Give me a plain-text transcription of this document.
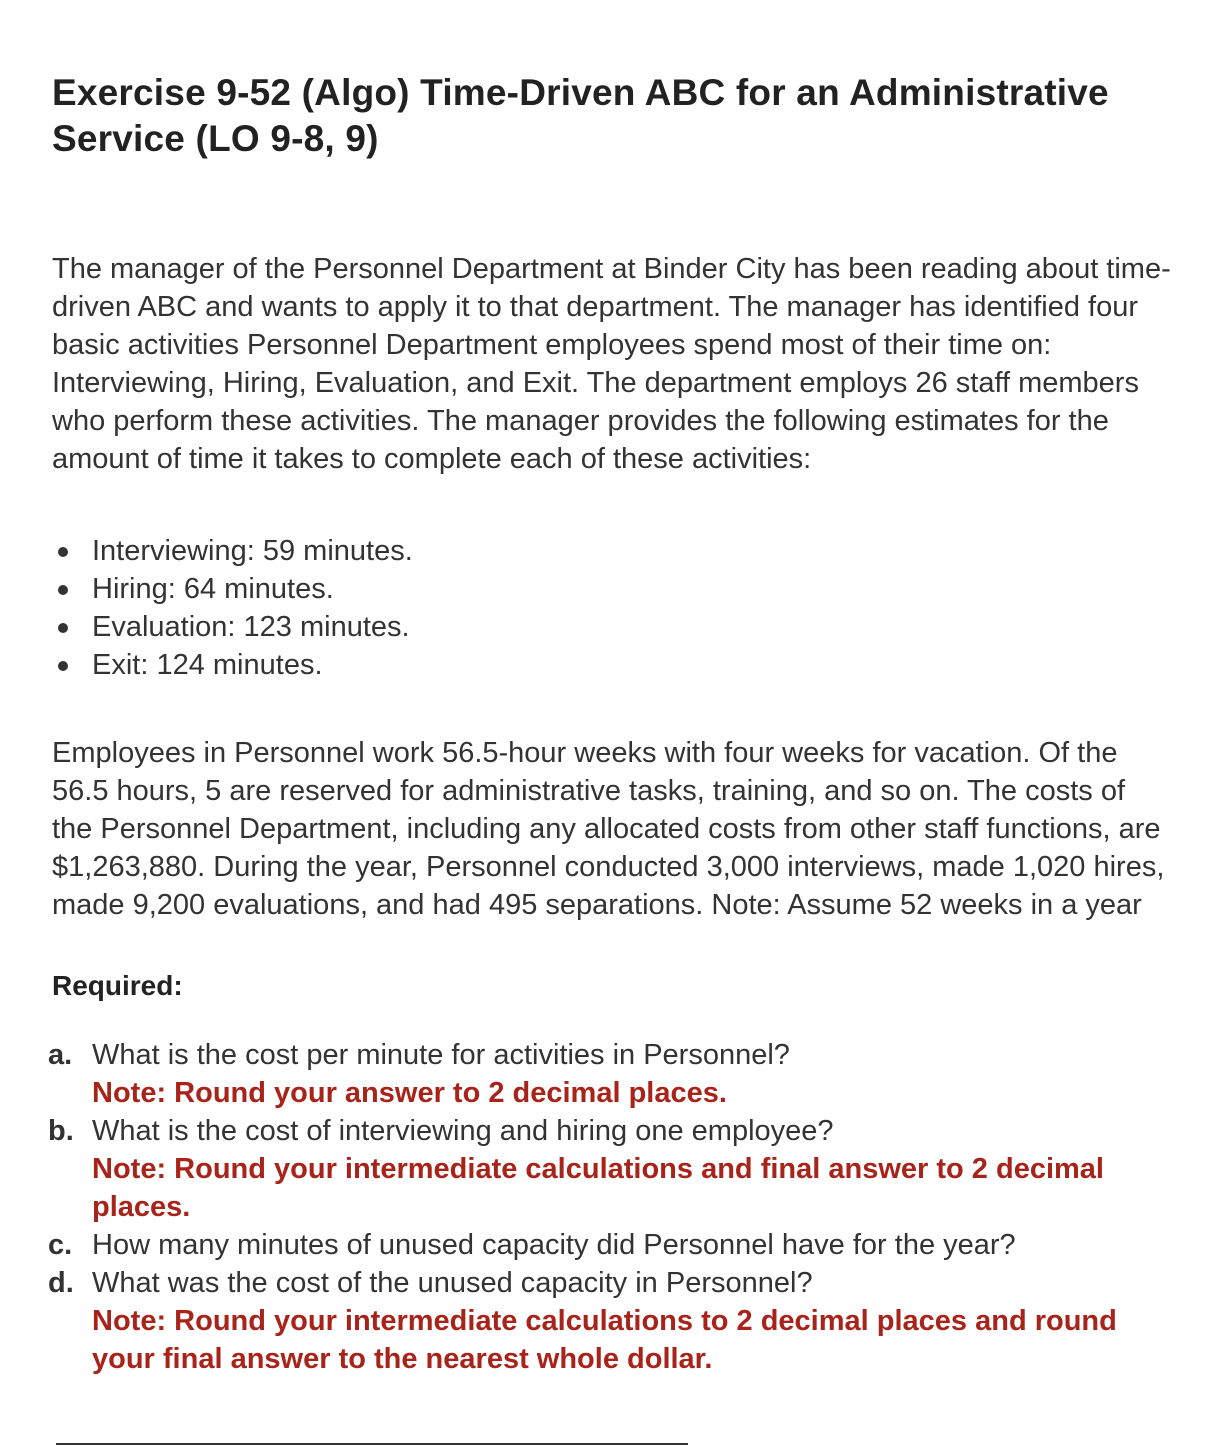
Exercise 9-52 (Algo) Time-Driven ABC for an Administrative Service (LO 9-8, 9)

The manager of the Personnel Department at Binder City has been reading about time-driven ABC and wants to apply it to that department. The manager has identified four basic activities Personnel Department employees spend most of their time on: Interviewing, Hiring, Evaluation, and Exit. The department employs 26 staff members who perform these activities. The manager provides the following estimates for the amount of time it takes to complete each of these activities:

Interviewing: 59 minutes.
Hiring: 64 minutes.
Evaluation: 123 minutes.
Exit: 124 minutes.

Employees in Personnel work 56.5-hour weeks with four weeks for vacation. Of the 56.5 hours, 5 are reserved for administrative tasks, training, and so on. The costs of the Personnel Department, including any allocated costs from other staff functions, are $1,263,880. During the year, Personnel conducted 3,000 interviews, made 1,020 hires, made 9,200 evaluations, and had 495 separations. Note: Assume 52 weeks in a year

Required:
a. What is the cost per minute for activities in Personnel?
Note: Round your answer to 2 decimal places.
b. What is the cost of interviewing and hiring one employee?
Note: Round your intermediate calculations and final answer to 2 decimal places.
c. How many minutes of unused capacity did Personnel have for the year?
d. What was the cost of the unused capacity in Personnel?
Note: Round your intermediate calculations to 2 decimal places and round your final answer to the nearest whole dollar.
